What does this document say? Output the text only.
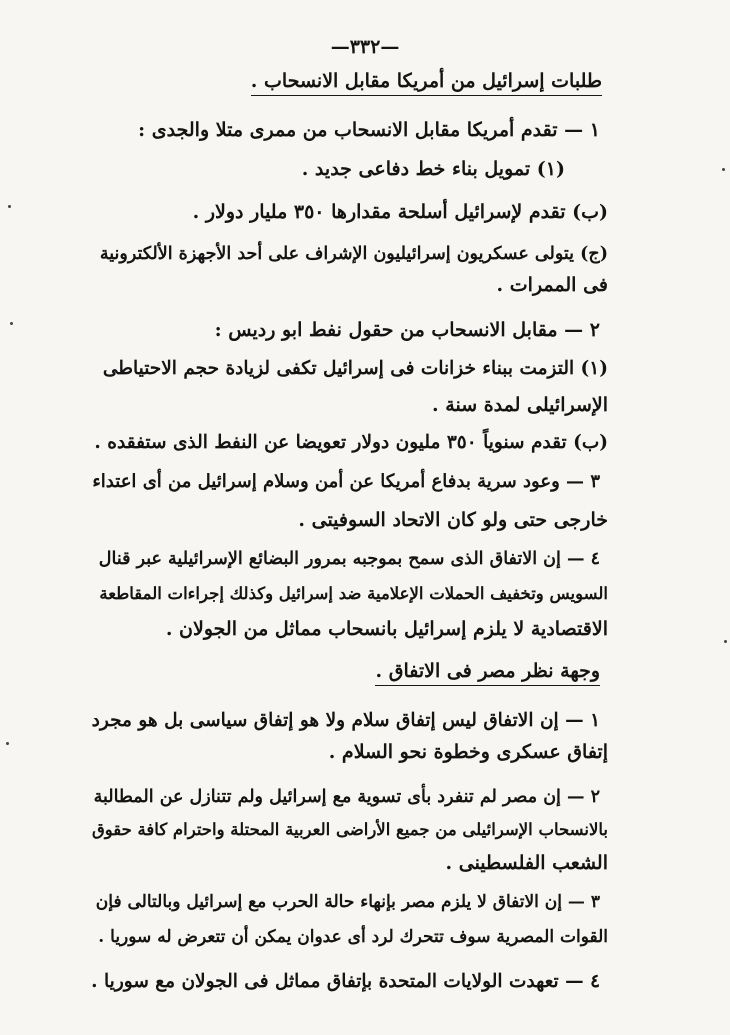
—٣٣٢—
طلبات إسرائيل من أمريكا مقابل الانسحاب .
١ — تقدم أمريكا مقابل الانسحاب من ممرى متلا والجدى :
(١) تمويل بناء خط دفاعى جديد .
(ب) تقدم لإسرائيل أسلحة مقدارها ٣٥٠ مليار دولار .
(ج) يتولى عسكريون إسرائيليون الإشراف على أحد الأجهزة الألكترونية
فى الممرات .
٢ — مقابل الانسحاب من حقول نفط ابو رديس :
(١) التزمت ببناء خزانات فى إسرائيل تكفى لزيادة حجم الاحتياطى
الإسرائيلى لمدة سنة .
(ب) تقدم سنوياً ٣٥٠ مليون دولار تعويضا عن النفط الذى ستفقده .
٣ — وعود سرية بدفاع أمريكا عن أمن وسلام إسرائيل من أى اعتداء
خارجى حتى ولو كان الاتحاد السوفيتى .
٤ — إن الاتفاق الذى سمح بموجبه بمرور البضائع الإسرائيلية عبر قنال
السويس وتخفيف الحملات الإعلامية ضد إسرائيل وكذلك إجراءات المقاطعة
الاقتصادية لا يلزم إسرائيل بانسحاب مماثل من الجولان .
وجهة نظر مصر فى الاتفاق .
١ — إن الاتفاق ليس إتفاق سلام ولا هو إتفاق سياسى بل هو مجرد
إتفاق عسكرى وخطوة نحو السلام .
٢ — إن مصر لم تنفرد بأى تسوية مع إسرائيل ولم تتنازل عن المطالبة
بالانسحاب الإسرائيلى من جميع الأراضى العربية المحتلة واحترام كافة حقوق
الشعب الفلسطينى .
٣ — إن الاتفاق لا يلزم مصر بإنهاء حالة الحرب مع إسرائيل وبالتالى فإن
القوات المصرية سوف تتحرك لرد أى عدوان يمكن أن تتعرض له سوريا .
٤ — تعهدت الولايات المتحدة بإتفاق مماثل فى الجولان مع سوريا .
